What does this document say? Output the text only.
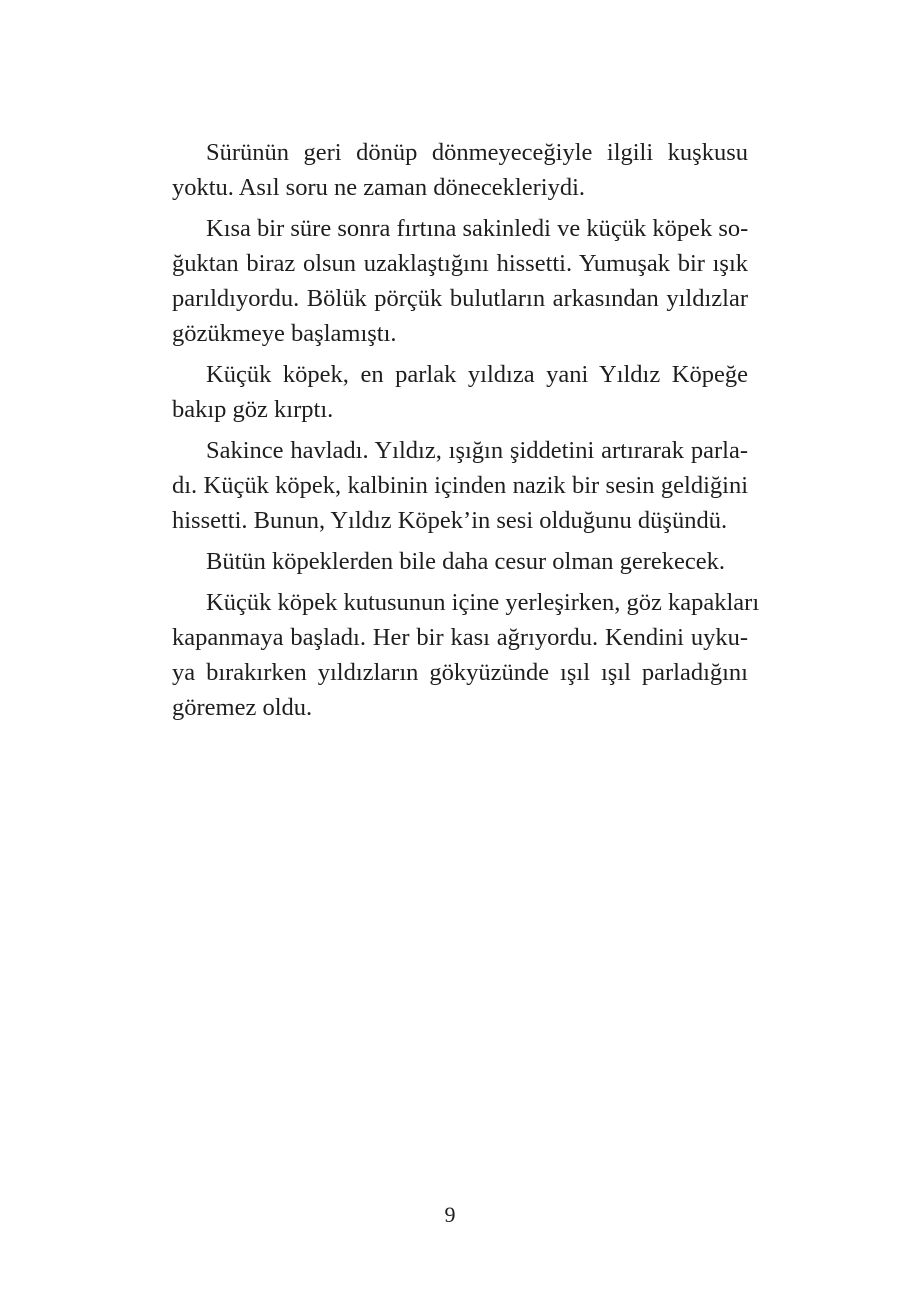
Sürünün geri dönüp dönmeyeceğiyle ilgili kuşkusu
yoktu. Asıl soru ne zaman dönecekleriydi.
Kısa bir süre sonra fırtına sakinledi ve küçük köpek so-
ğuktan biraz olsun uzaklaştığını hissetti. Yumuşak bir ışık
parıldıyordu. Bölük pörçük bulutların arkasından yıldızlar
gözükmeye başlamıştı.
Küçük köpek, en parlak yıldıza yani Yıldız Köpeğe
bakıp göz kırptı.
Sakince havladı. Yıldız, ışığın şiddetini artırarak parla-
dı. Küçük köpek, kalbinin içinden nazik bir sesin geldiğini
hissetti. Bunun, Yıldız Köpek’in sesi olduğunu düşündü.
Bütün köpeklerden bile daha cesur olman gerekecek.
Küçük köpek kutusunun içine yerleşirken, göz kapakları
kapanmaya başladı. Her bir kası ağrıyordu. Kendini uyku-
ya bırakırken yıldızların gökyüzünde ışıl ışıl parladığını
göremez oldu.
9
